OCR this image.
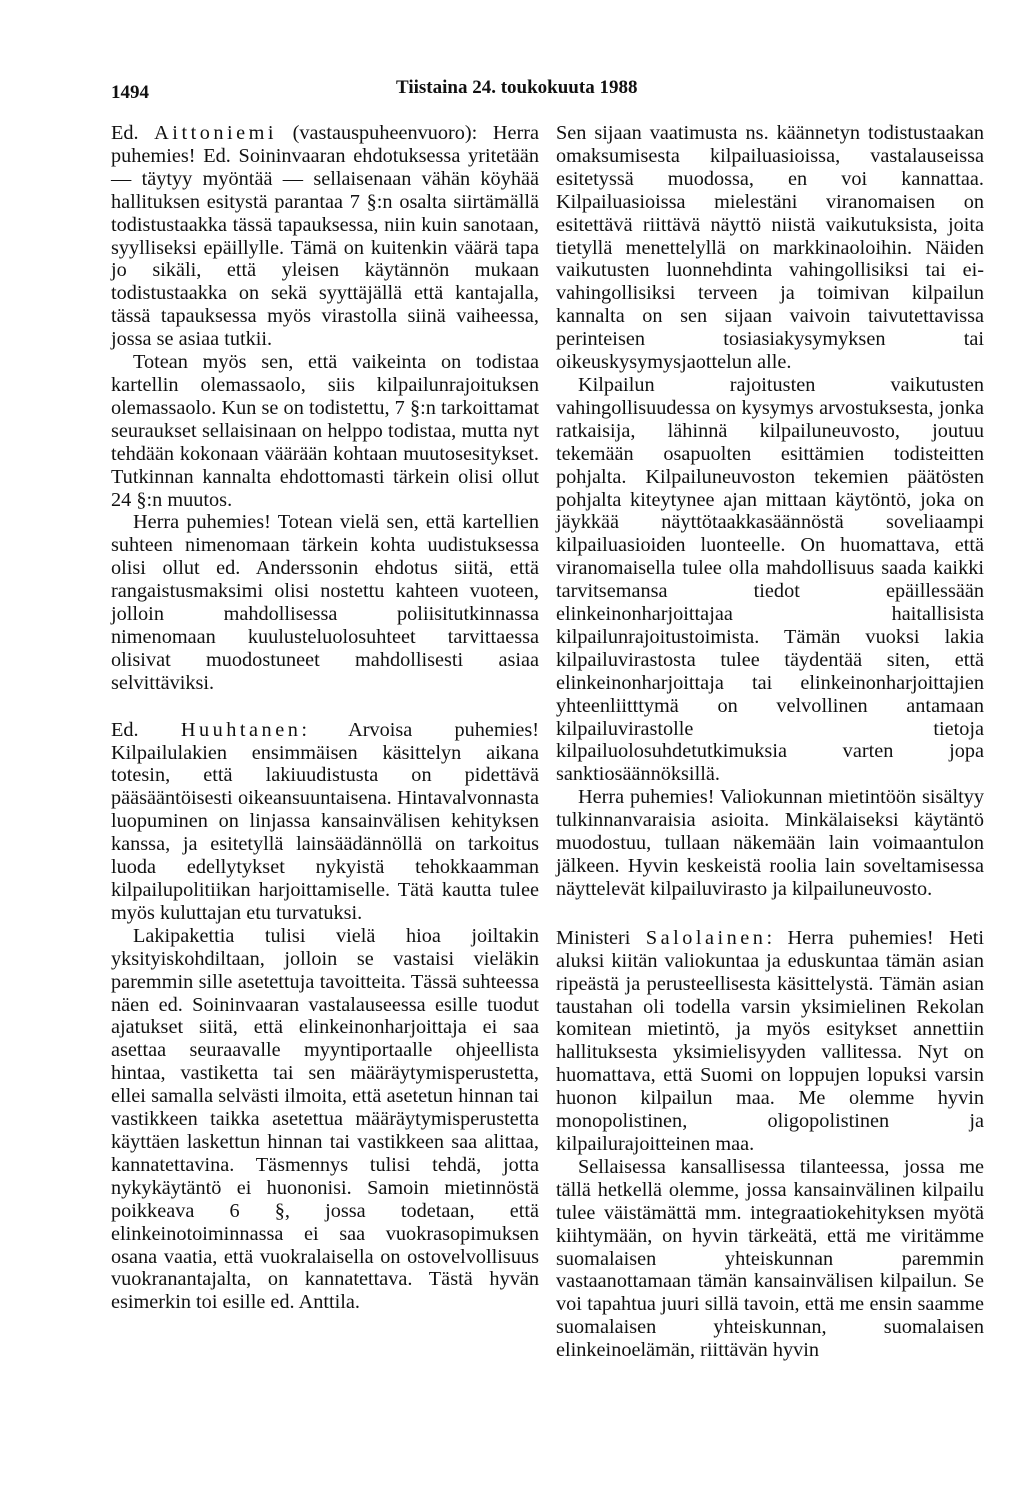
1494	Tiistaina 24. toukokuuta 1988

Ed. Aittoniemi (vastauspuheenvuoro): Herra puhemies! Ed. Soininvaaran ehdotuksessa yritetään — täytyy myöntää — sellaisenaan vähän köyhää hallituksen esitystä parantaa 7 §:n osalta siirtämällä todistustaakka tässä tapauksessa, niin kuin sanotaan, syylliseksi epäillylle. Tämä on kuitenkin väärä tapa jo sikäli, että yleisen käytännön mukaan todistustaakka on sekä syyttäjällä että kantajalla, tässä tapauksessa myös virastolla siinä vaiheessa, jossa se asiaa tutkii.

Totean myös sen, että vaikeinta on todistaa kartellin olemassaolo, siis kilpailunrajoituksen olemassaolo. Kun se on todistettu, 7 §:n tarkoittamat seuraukset sellaisinaan on helppo todistaa, mutta nyt tehdään kokonaan väärään kohtaan muutosesitykset. Tutkinnan kannalta ehdottomasti tärkein olisi ollut 24 §:n muutos.

Herra puhemies! Totean vielä sen, että kartellien suhteen nimenomaan tärkein kohta uudistuksessa olisi ollut ed. Anderssonin ehdotus siitä, että rangaistusmaksimi olisi nostettu kahteen vuoteen, jolloin mahdollisessa poliisitutkinnassa nimenomaan kuulusteluolosuhteet tarvittaessa olisivat muodostuneet mahdollisesti asiaa selvittäviksi.

Ed. Huuhtanen: Arvoisa puhemies! Kilpailulakien ensimmäisen käsittelyn aikana totesin, että lakiuudistusta on pidettävä pääsääntöisesti oikeansuuntaisena. Hintavalvonnasta luopuminen on linjassa kansainvälisen kehityksen kanssa, ja esitetyllä lainsäädännöllä on tarkoitus luoda edellytykset nykyistä tehokkaamman kilpailupolitiikan harjoittamiselle. Tätä kautta tulee myös kuluttajan etu turvatuksi.

Lakipakettia tulisi vielä hioa joiltakin yksityiskohdiltaan, jolloin se vastaisi vieläkin paremmin sille asetettuja tavoitteita. Tässä suhteessa näen ed. Soininvaaran vastalauseessa esille tuodut ajatukset siitä, että elinkeinonharjoittaja ei saa asettaa seuraavalle myyntiportaalle ohjeellista hintaa, vastiketta tai sen määräytymisperustetta, ellei samalla selvästi ilmoita, että asetetun hinnan tai vastikkeen taikka asetettua määräytymisperustetta käyttäen laskettun hinnan tai vastikkeen saa alittaa, kannatettavina. Täsmennys tulisi tehdä, jotta nykykäytäntö ei huononisi. Samoin mietinnöstä poikkeava 6 §, jossa todetaan, että elinkeinotoiminnassa ei saa vuokrasopimuksen osana vaatia, että vuokralaisella on ostovelvollisuus vuokranantajalta, on kannatettava. Tästä hyvän esimerkin toi esille ed. Anttila.

Sen sijaan vaatimusta ns. käännetyn todistustaakan omaksumisesta kilpailuasioissa, vastalauseissa esitetyssä muodossa, en voi kannattaa. Kilpailuasioissa mielestäni viranomaisen on esitettävä riittävä näyttö niistä vaikutuksista, joita tietyllä menettelyllä on markkinaoloihin. Näiden vaikutusten luonnehdinta vahingollisiksi tai ei-vahingollisiksi terveen ja toimivan kilpailun kannalta on sen sijaan vaivoin taivutettavissa perinteisen tosiasiakysymyksen tai oikeuskysymysjaottelun alle.

Kilpailun rajoitusten vaikutusten vahingollisuudessa on kysymys arvostuksesta, jonka ratkaisija, lähinnä kilpailuneuvosto, joutuu tekemään osapuolten esittämien todisteitten pohjalta. Kilpailuneuvoston tekemien päätösten pohjalta kiteytynee ajan mittaan käytöntö, joka on jäykkää näyttötaakkasäännöstä soveliaampi kilpailuasioiden luonteelle. On huomattava, että viranomaisella tulee olla mahdollisuus saada kaikki tarvitsemansa tiedot epäillessään elinkeinonharjoittajaa haitallisista kilpailunrajoitustoimista. Tämän vuoksi lakia kilpailuvirastosta tulee täydentää siten, että elinkeinonharjoittaja tai elinkeinonharjoittajien yhteenliitttymä on velvollinen antamaan kilpailuvirastolle tietoja kilpailuolosuhdetutkimuksia varten jopa sanktiosäännöksillä.

Herra puhemies! Valiokunnan mietintöön sisältyy tulkinnanvaraisia asioita. Minkälaiseksi käytäntö muodostuu, tullaan näkemään lain voimaantulon jälkeen. Hyvin keskeistä roolia lain soveltamisessa näyttelevät kilpailuvirasto ja kilpailuneuvosto.

Ministeri Salolainen: Herra puhemies! Heti aluksi kiitän valiokuntaa ja eduskuntaa tämän asian ripeästä ja perusteellisesta käsittelystä. Tämän asian taustahan oli todella varsin yksimielinen Rekolan komitean mietintö, ja myös esitykset annettiin hallituksesta yksimielisyyden vallitessa. Nyt on huomattava, että Suomi on loppujen lopuksi varsin huonon kilpailun maa. Me olemme hyvin monopolistinen, oligopolistinen ja kilpailurajoitteinen maa.

Sellaisessa kansallisessa tilanteessa, jossa me tällä hetkellä olemme, jossa kansainvälinen kilpailu tulee väistämättä mm. integraatiokehityksen myötä kiihtymään, on hyvin tärkeätä, että me viritämme suomalaisen yhteiskunnan paremmin vastaanottamaan tämän kansainvälisen kilpailun. Se voi tapahtua juuri sillä tavoin, että me ensin saamme suomalaisen yhteiskunnan, suomalaisen elinkeinoelämän, riittävän hyvin
